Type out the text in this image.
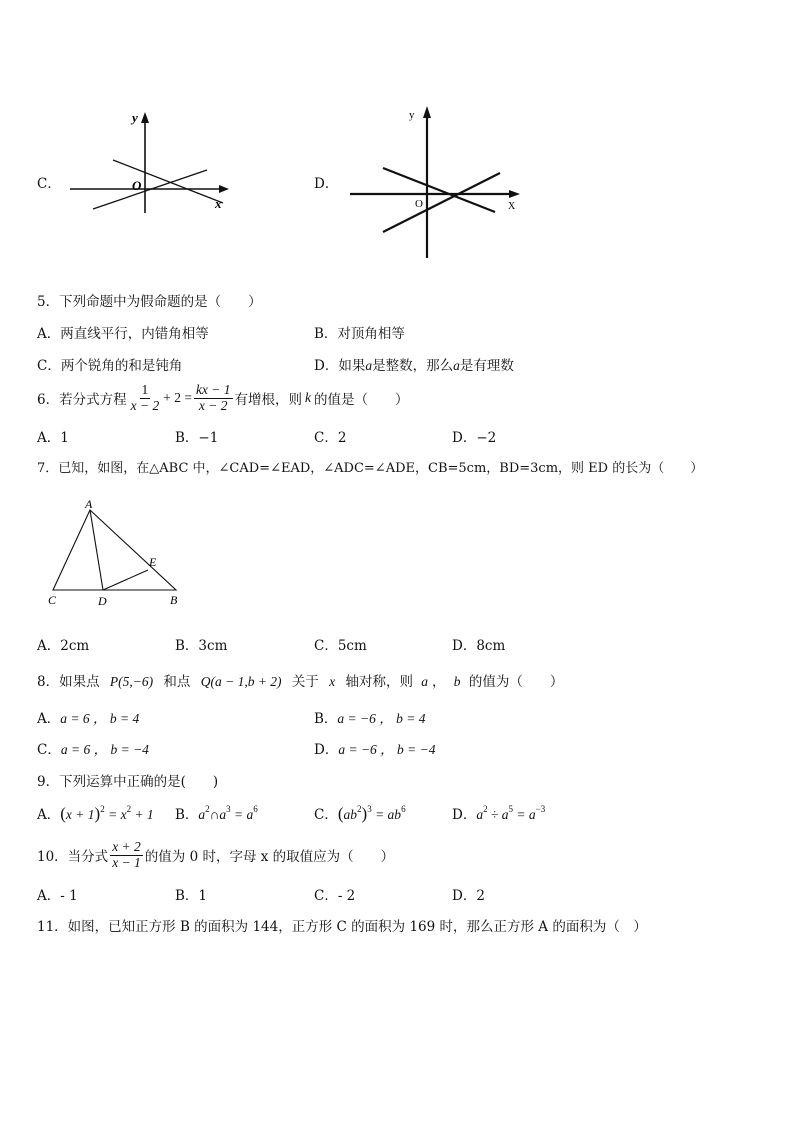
C．
y
O
x
D．
y
O	X
5．下列命题中为假命题的是（　　）
A．两直线平行，内错角相等	B．对顶角相等
C．两个锐角的和是钝角	D．如果a是整数，那么a是有理数
6．若分式方程 $\frac{1}{x - 2} + 2 = \frac{kx - 1}{x - 2}$ 有增根，则 k 的值是（　　）
A．1	B．−1	C．2	D．−2
7．已知，如图，在△ABC 中，∠CAD=∠EAD，∠ADC=∠ADE，CB=5cm，BD=3cm，则 ED 的长为（　　）
A
C	D
E
B
A．2cm	B．3cm	C．5cm	D．8cm
8．如果点 P(5,−6) 和点 Q(a − 1,b + 2) 关于 x 轴对称，则 a ， b 的值为（　　）
A．a = 6 ， b = 4	B．a = −6 ， b = 4
C．a = 6 ， b = −4	D．a = −6 ， b = −4
9．下列运算中正确的是(　　)
A．$(x + 1)^2 = x^2 + 1$ B．$a^2\cap a^3 = a^6$	C．$(ab^2)^3 = ab^6$	D．$a^2 \div a^5 = a^{-3}$
10．当分式 $\frac{x + 2}{x - 1}$ 的值为 0 时，字母 x 的取值应为（　　）
A．- 1	B．1	C．- 2	D．2
11．如图，已知正方形 B 的面积为 144，正方形 C 的面积为 169 时，那么正方形 A 的面积为（　）
